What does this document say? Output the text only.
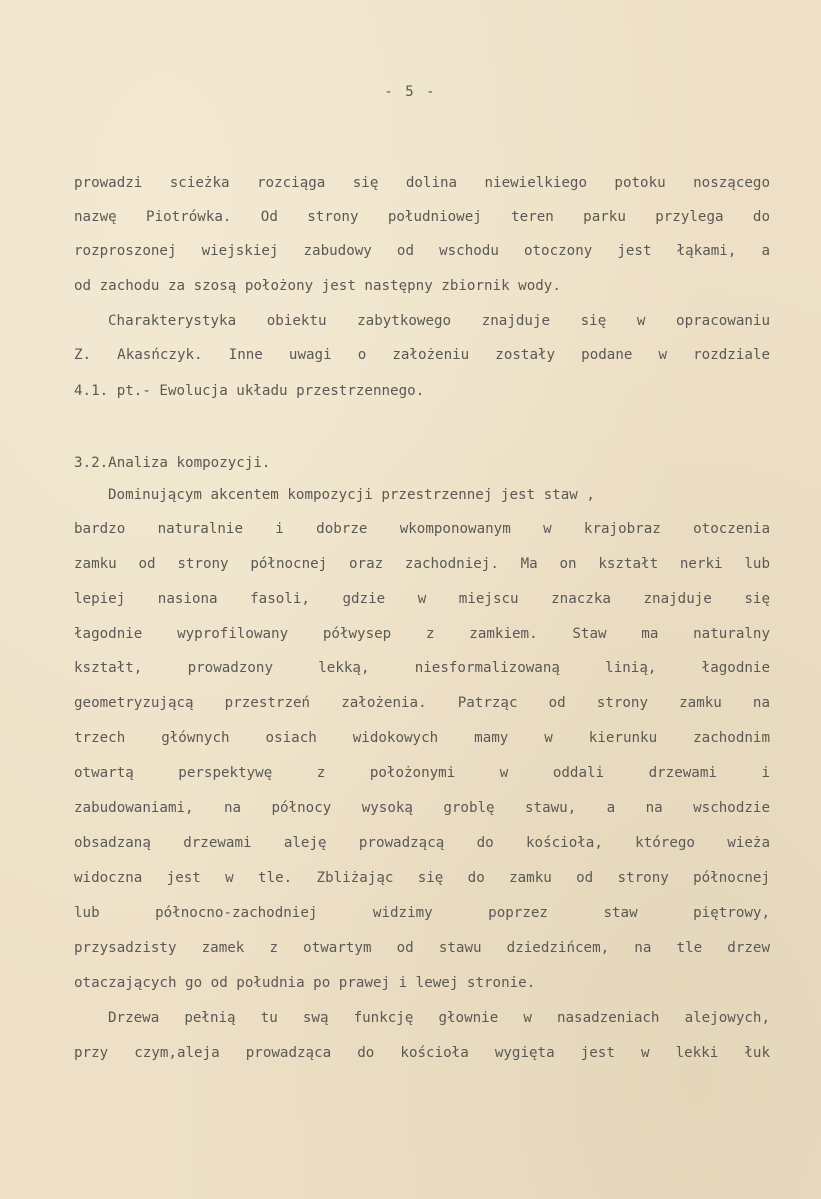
- 5 -
prowadzi scieżka rozciąga się dolina niewielkiego potoku noszącego
nazwę Piotrówka. Od strony południowej teren parku przylega do
rozproszonej wiejskiej zabudowy od wschodu otoczony jest łąkami, a
od zachodu za szosą położony jest następny zbiornik wody.
Charakterystyka obiektu zabytkowego znajduje się w opracowaniu
Z. Akasńczyk. Inne uwagi o założeniu zostały podane w rozdziale
4.1. pt.- Ewolucja układu przestrzennego.
3.2.Analiza kompozycji.
Dominującym akcentem kompozycji przestrzennej jest staw ,
bardzo naturalnie i dobrze wkomponowanym w krajobraz otoczenia
zamku od strony północnej oraz zachodniej. Ma on kształt nerki lub
lepiej nasiona fasoli, gdzie w miejscu znaczka znajduje się
łagodnie wyprofilowany półwysep z zamkiem. Staw ma naturalny
kształt, prowadzony lekką, niesformalizowaną linią, łagodnie
geometryzującą przestrzeń założenia. Patrząc od strony zamku na
trzech głównych osiach widokowych mamy w kierunku zachodnim
otwartą perspektywę z położonymi w oddali drzewami i
zabudowaniami, na północy wysoką groblę stawu, a na wschodzie
obsadzaną drzewami aleję prowadzącą do kościoła, którego wieża
widoczna jest w tle. Zbliżając się do zamku od strony północnej
lub północno-zachodniej widzimy poprzez staw piętrowy,
przysadzisty zamek z otwartym od stawu dziedzińcem, na tle drzew
otaczających go od południa po prawej i lewej stronie.
Drzewa pełnią tu swą funkcję głownie w nasadzeniach alejowych,
przy czym,aleja prowadząca do kościoła wygięta jest w lekki łuk
